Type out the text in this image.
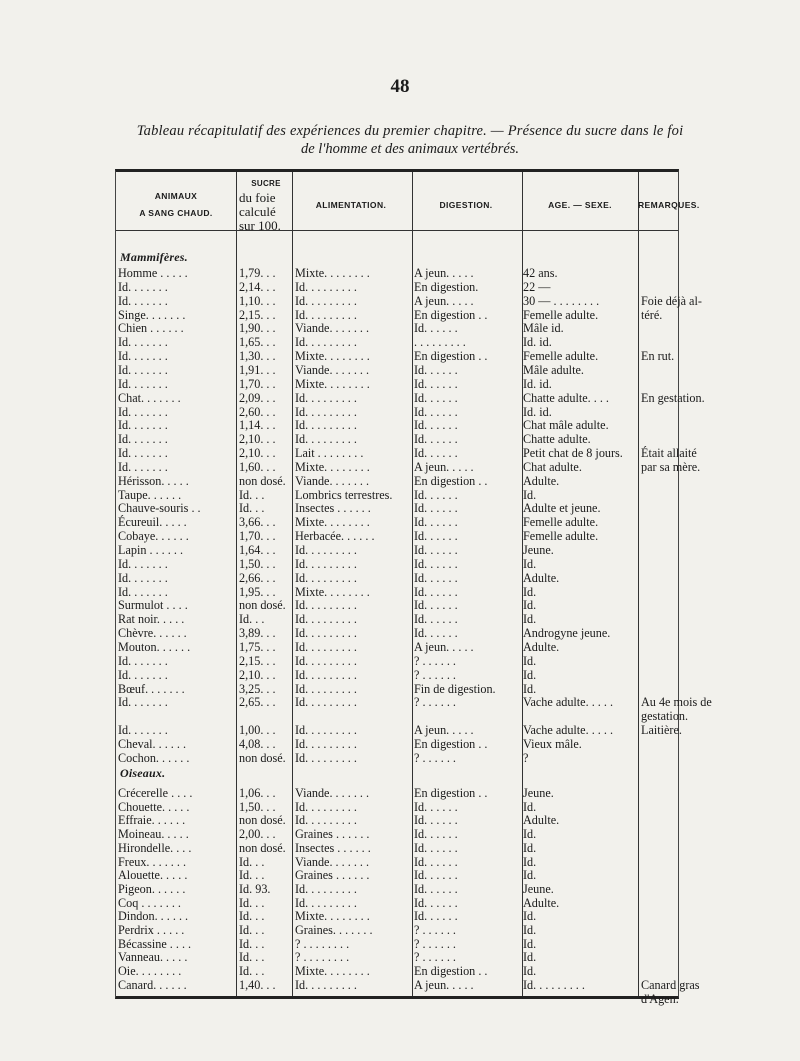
48
Tableau récapitulatif des expériences du premier chapitre. — Présence du sucre dans le foi
de l'homme et des animaux vertébrés.
ANIMAUX
A SANG CHAUD.
SUCRE
du foie calculé sur 100.
ALIMENTATION.	DIGESTION.	AGE. — SEXE.	REMARQUES.
Mammifères.
Homme . . . . .	1,79. . .	Mixte. . . . . . . .	A jeun. . . . .	42 ans.
Id. . . . . . .	2,14. . .	Id. . . . . . . . .	En digestion.	22 —
Id. . . . . . .	1,10. . .	Id. . . . . . . . .	A jeun. . . . .	30 — . . . . . . . .	Foie déjà al-
Singe. . . . . . .	2,15. . .	Id. . . . . . . . .	En digestion . .	Femelle adulte.	téré.
Chien . . . . . .	1,90. . .	Viande. . . . . . .	Id. . . . . .	Mâle id.
Id. . . . . . .	1,65. . .	Id. . . . . . . . .	. . . . . . . . .	Id. id.
Id. . . . . . .	1,30. . .	Mixte. . . . . . . .	En digestion . .	Femelle adulte.	En rut.
Id. . . . . . .	1,91. . .	Viande. . . . . . .	Id. . . . . .	Mâle adulte.
Id. . . . . . .	1,70. . .	Mixte. . . . . . . .	Id. . . . . .	Id. id.
Chat. . . . . . .	2,09. . .	Id. . . . . . . . .	Id. . . . . .	Chatte adulte. . . .	En gestation.
Id. . . . . . .	2,60. . .	Id. . . . . . . . .	Id. . . . . .	Id. id.
Id. . . . . . .	1,14. . .	Id. . . . . . . . .	Id. . . . . .	Chat mâle adulte.
Id. . . . . . .	2,10. . .	Id. . . . . . . . .	Id. . . . . .	Chatte adulte.
Id. . . . . . .	2,10. . .	Lait . . . . . . . .	Id. . . . . .	Petit chat de 8 jours.	Était allaité
Id. . . . . . .	1,60. . .	Mixte. . . . . . . .	A jeun. . . . .	Chat adulte.	par sa mère.
Hérisson. . . . .	non dosé. Viande. . . . . . .	En digestion . .	Adulte.
Taupe. . . . . .	Id. . .	Lombrics terrestres.	Id. . . . . .	Id.
Chauve-souris . .	Id. . .	Insectes . . . . . .	Id. . . . . .	Adulte et jeune.
Écureuil. . . . .	3,66. . .	Mixte. . . . . . . .	Id. . . . . .	Femelle adulte.
Cobaye. . . . . .	1,70. . .	Herbacée. . . . . .	Id. . . . . .	Femelle adulte.
Lapin . . . . . .	1,64. . .	Id. . . . . . . . .	Id. . . . . .	Jeune.
Id. . . . . . .	1,50. . .	Id. . . . . . . . .	Id. . . . . .	Id.
Id. . . . . . .	2,66. . .	Id. . . . . . . . .	Id. . . . . .	Adulte.
Id. . . . . . .	1,95. . .	Mixte. . . . . . . .	Id. . . . . .	Id.
Surmulot . . . .	non dosé. Id. . . . . . . . .	Id. . . . . .	Id.
Rat noir. . . . .	Id. . .	Id. . . . . . . . .	Id. . . . . .	Id.
Chèvre. . . . . .	3,89. . .	Id. . . . . . . . .	Id. . . . . .	Androgyne jeune.
Mouton. . . . . .	1,75. . .	Id. . . . . . . . .	A jeun. . . . .	Adulte.
Id. . . . . . .	2,15. . .	Id. . . . . . . . .	? . . . . . .	Id.
Id. . . . . . .	2,10. . .	Id. . . . . . . . .	? . . . . . .	Id.
Bœuf. . . . . . .	3,25. . .	Id. . . . . . . . .	Fin de digestion.	Id.
Id. . . . . . .	2,65. . .	Id. . . . . . . . .	? . . . . . .	Vache adulte. . . . .	Au 4e mois de
gestation.
Id. . . . . . .	1,00. . .	Id. . . . . . . . .	A jeun. . . . .	Vache adulte. . . . .	Laitière.
Cheval. . . . . .	4,08. . .	Id. . . . . . . . .	En digestion . .	Vieux mâle.
Cochon. . . . . .	non dosé. Id. . . . . . . . .	? . . . . . .	?
Oiseaux.
Crécerelle . . . .	1,06. . .	Viande. . . . . . .	En digestion . .	Jeune.
Chouette. . . . .	1,50. . .	Id. . . . . . . . .	Id. . . . . .	Id.
Effraie. . . . . .	non dosé. Id. . . . . . . . .	Id. . . . . .	Adulte.
Moineau. . . . .	2,00. . .	Graines . . . . . .	Id. . . . . .	Id.
Hirondelle. . . .	non dosé. Insectes . . . . . .	Id. . . . . .	Id.
Freux. . . . . . .	Id. . .	Viande. . . . . . .	Id. . . . . .	Id.
Alouette. . . . .	Id. . .	Graines . . . . . .	Id. . . . . .	Id.
Pigeon. . . . . .	Id. 93.	Id. . . . . . . . .	Id. . . . . .	Jeune.
Coq . . . . . . .	Id. . .	Id. . . . . . . . .	Id. . . . . .	Adulte.
Dindon. . . . . .	Id. . .	Mixte. . . . . . . .	Id. . . . . .	Id.
Perdrix . . . . .	Id. . .	Graines. . . . . . .	? . . . . . .	Id.
Bécassine . . . .	Id. . .	? . . . . . . . .	? . . . . . .	Id.
Vanneau. . . . .	Id. . .	? . . . . . . . .	? . . . . . .	Id.
Oie. . . . . . . .	Id. . .	Mixte. . . . . . . .	En digestion . .	Id.
Canard. . . . . .	1,40. . .	Id. . . . . . . . .	A jeun. . . . .	Id. . . . . . . . .	Canard gras
d'Agen.
